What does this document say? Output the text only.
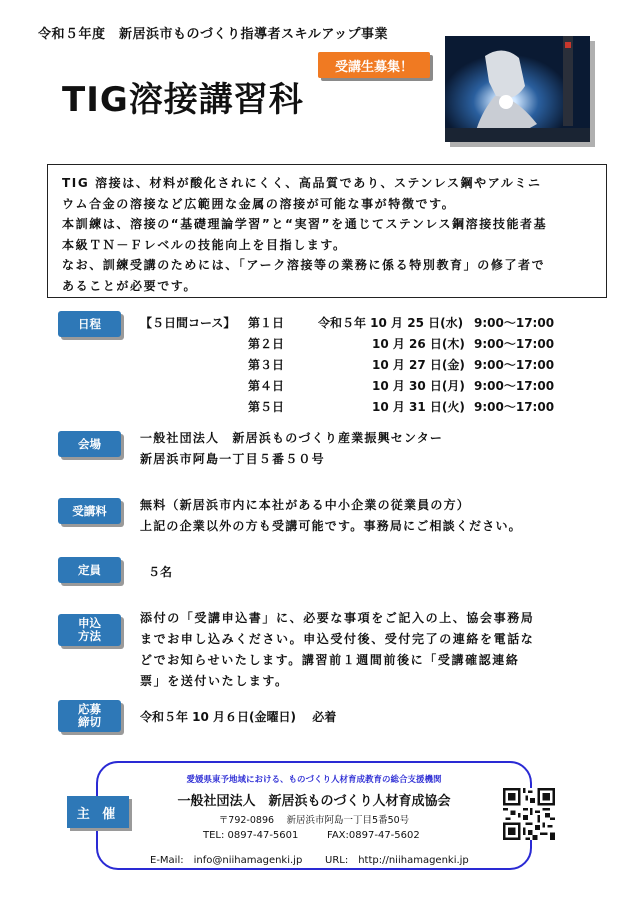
令和５年度　新居浜市ものづくり指導者スキルアップ事業
TIG溶接講習科
受講生募集！

TIG 溶接は、材料が酸化されにくく、高品質であり、ステンレス鋼やアルミニ

ウム合金の溶接など広範囲な金属の溶接が可能な事が特徴です。

本訓練は、溶接の“基礎理論学習”と“実習”を通じてステンレス鋼溶接技能者基

本級ＴＮ－Ｆレベルの技能向上を目指します。

なお、訓練受講のためには、「アーク溶接等の業務に係る特別教育」の修了者で

あることが必要です。

日程	【５日間コース】 第１日	令和５年 10 月 25 日(水) 9:00～17:00
第２日	10 月 26 日(木) 9:00～17:00
第３日	10 月 27 日(金) 9:00～17:00
第４日	10 月 30 日(月) 9:00～17:00
第５日	10 月 31 日(火) 9:00～17:00
会場	一般社団法人　新居浜ものづくり産業振興センター
新居浜市阿島一丁目５番５０号
受講料	無料（新居浜市内に本社がある中小企業の従業員の方）
上記の企業以外の方も受講可能です。事務局にご相談ください。
定員	５名
申込
方法
添付の「受講申込書」に、必要な事項をご記入の上、協会事務局
までお申し込みください。申込受付後、受付完了の連絡を電話な
どでお知らせいたします。講習前１週間前後に「受講確認連絡
票」を送付いたします。
応募
締切	令和５年 10 月６日(金曜日)　 必着
主 催
愛媛県東予地域における、ものづくり人材育成教育の総合支援機関
一般社団法人　新居浜ものづくり人材育成協会
〒792-0896　 新居浜市阿島一丁目5番50号
TEL: 0897-47-5601	FAX:0897-47-5602
E-Mail:　info@niihamagenki.jp URL:　http://niihamagenki.jp
